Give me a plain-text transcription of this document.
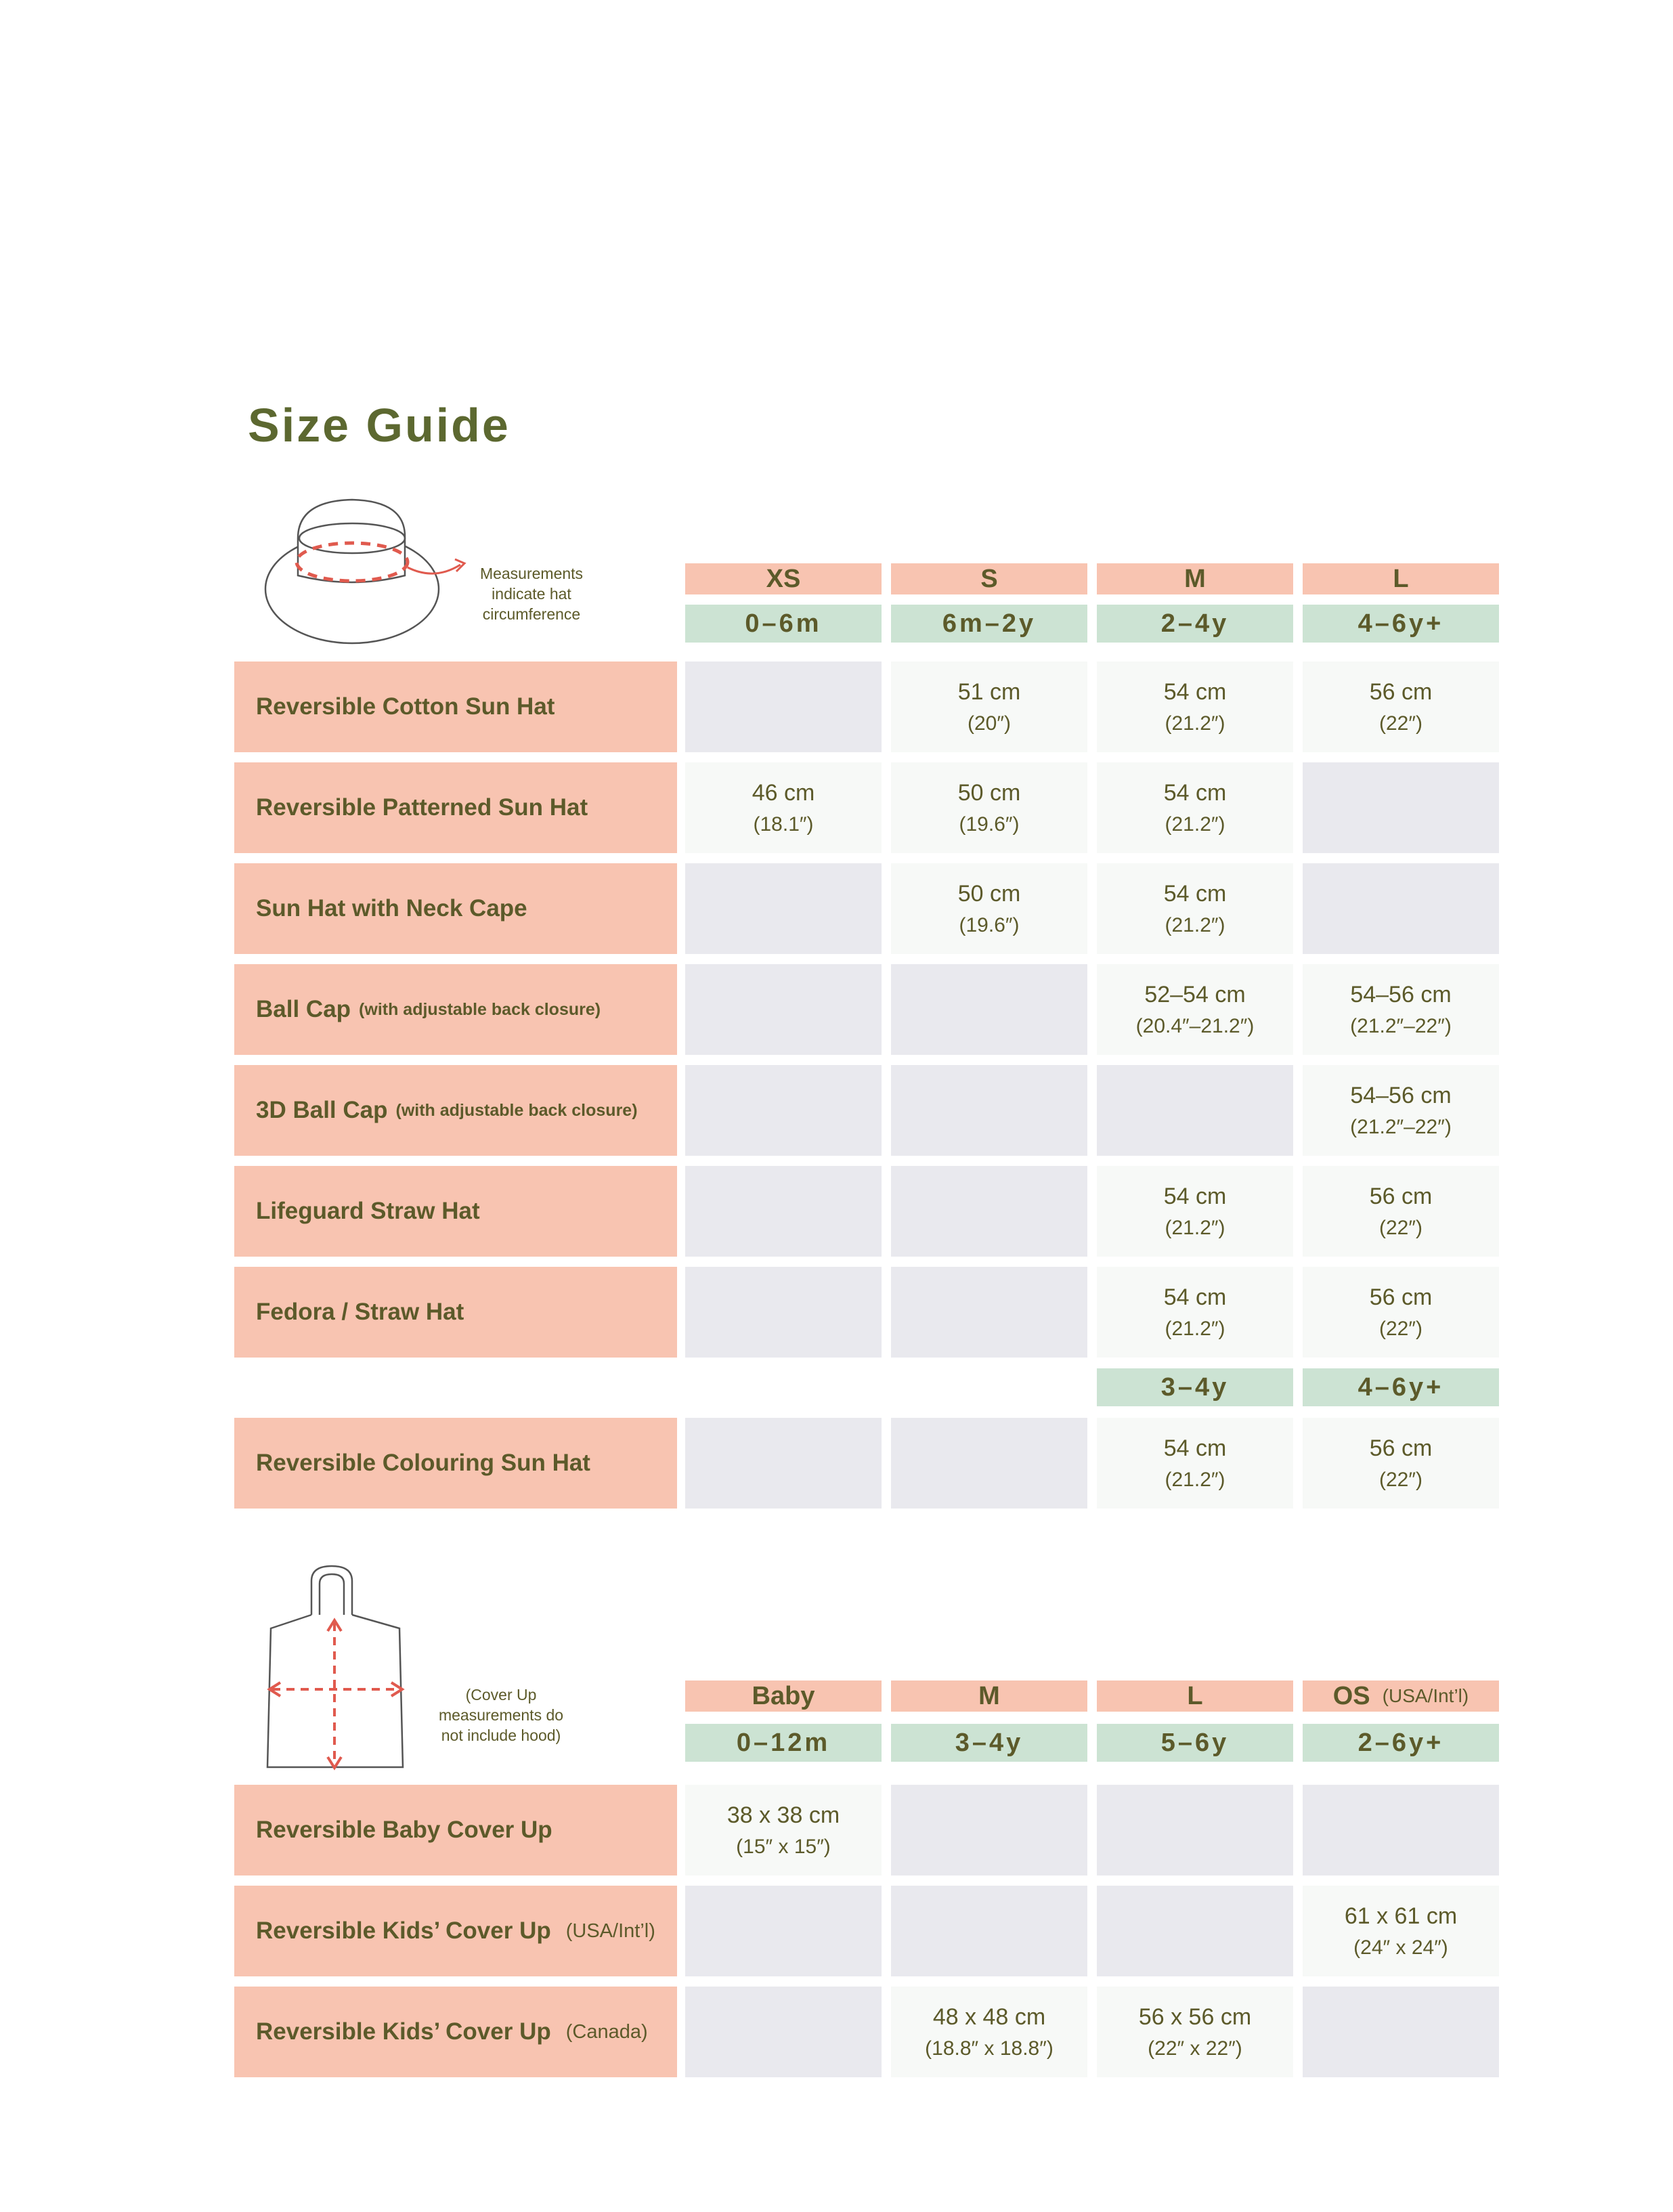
Size Guide
Measurements
indicate hat
circumference
XS
0–6m
S
6m–2y
M
2–4y
L
4–6y+
Reversible Cotton Sun Hat
51 cm
(20″)
54 cm
(21.2″)
56 cm
(22″)
Reversible Patterned Sun Hat
46 cm
(18.1″)
50 cm
(19.6″)
54 cm
(21.2″)
Sun Hat with Neck Cape
50 cm
(19.6″)
54 cm
(21.2″)
Ball Cap (with adjustable back closure)
52–54 cm
(20.4″–21.2″)
54–56 cm
(21.2″–22″)
3D Ball Cap (with adjustable back closure)
54–56 cm
(21.2″–22″)
Lifeguard Straw Hat
54 cm
(21.2″)
56 cm
(22″)
Fedora / Straw Hat
54 cm
(21.2″)
56 cm
(22″)
3–4y	4–6y+
Reversible Colouring Sun Hat
54 cm
(21.2″)
56 cm
(22″)
(Cover Up
measurements do
not include hood)
Baby
0–12m
M
3–4y
L
5–6y
OS (USA/Int’l)
2–6y+
Reversible Baby Cover Up
38 x 38 cm
(15″ x 15″)
Reversible Kids’ Cover Up (USA/Int’l)
61 x 61 cm
(24″ x 24″)
Reversible Kids’ Cover Up (Canada)
48 x 48 cm
(18.8″ x 18.8″)
56 x 56 cm
(22″ x 22″)
